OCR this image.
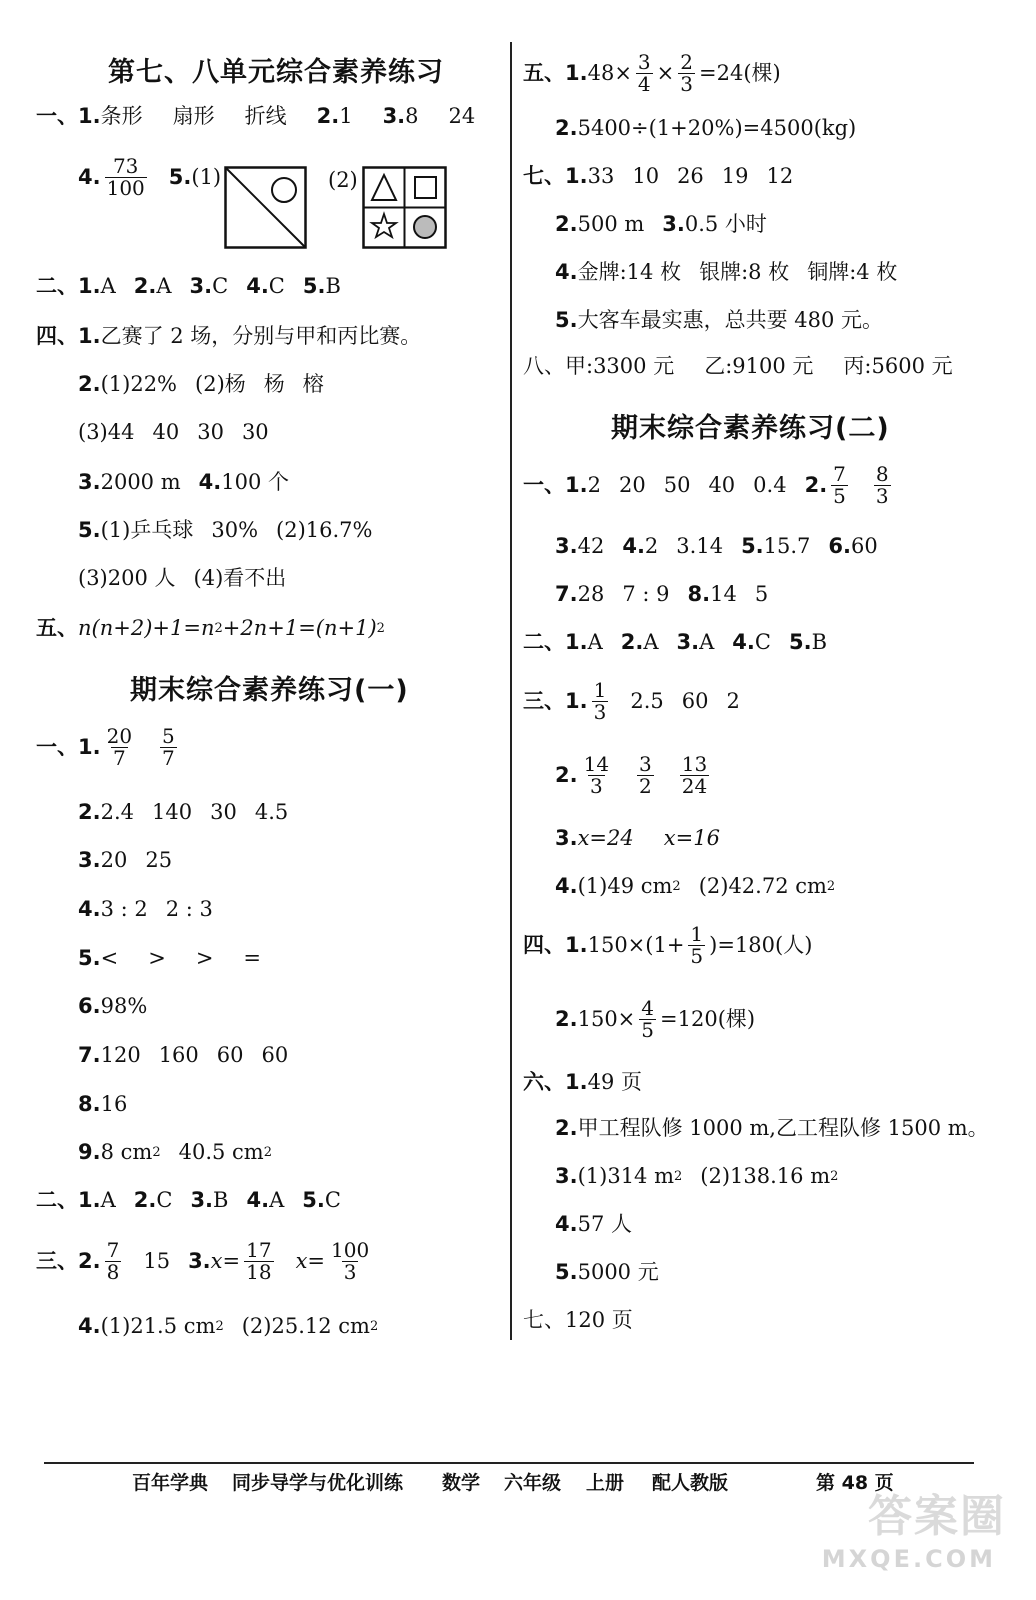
第七、八单元综合素养练习
一、1. 条形 扇形 折线 2. 1 3. 8 24
4. $\frac{73}{100} 5$. (1)	(2)
二、1. A 2. A 3. C 4. C 5. B
四、1. 乙赛了 2 场，分别与甲和丙比赛。
2. (1)22% (2)杨 杨 榕
(3)44 40 30 30
3. 2000 m 4. 100 个
5. (1)乒乓球 30% (2)16.7%
(3)200 人 (4)看不出
五、 n(n+2)+1=n 2 +2n+1=(n+1) 2
期末综合素养练习(一)
一、1. $\frac{20}{7} \frac{5}{7}$
2. 2.4 140 30 4.5
3. 20 25
4. 3 : 2 2 : 3
5. < > > =
6. 98%
7. 120 160 60 60
8. 16
9. 8 cm 2 40.5 cm 2
二、1. A 2. C 3. B 4. A 5. C
三、2. $\frac{7}{8} 15$ 3. $x= \frac{17}{18} x= \frac{100}{3}$
4. (1)21.5 cm 2 (2)25.12 cm 2
五、1. $48\times \frac{3}{4} \times \frac{2}{3} =24$(棵)
2. 5400÷(1+20%)=4500(kg)
七、1. 33 10 26 19 12
2. 500 m 3. 0.5 小时
4. 金牌:14 枚 银牌:8 枚 铜牌:4 枚
5. 大客车最实惠，总共要 480 元。
八、甲:3300 元 乙:9100 元 丙:5600 元
期末综合素养练习(二)
一、1. 2 20 50 40 0.4 2. $\frac{7}{5} \frac{8}{3}$
3. 42 4. 2 3.14 5. 15.7 6. 60
7. 28 7 : 9 8. 14 5
二、1. A 2. A 3. A 4. C 5. B
三、1. $\frac{1}{3} 2.5$ 60 2
2. $\frac{14}{3} \frac{3}{2} \frac{13}{24}$
3. x=24 x=16
4. (1)49 cm 2 (2)42.72 cm 2
四、1. $150\times(1+ \frac{1}{5} )=180$(人)
2. $150\times \frac{4}{5} =120$(棵)
六、1. 49 页
2. 甲工程队修 1000 m,乙工程队修 1500 m。
3. (1)314 m 2 (2)138.16 m 2
4. 57 人
5. 5000 元
七、120 页
百年学典 同步导学与优化训练 数学 六年级 上册 配人教版	第 48 页
答案圈
MXQE.COM
